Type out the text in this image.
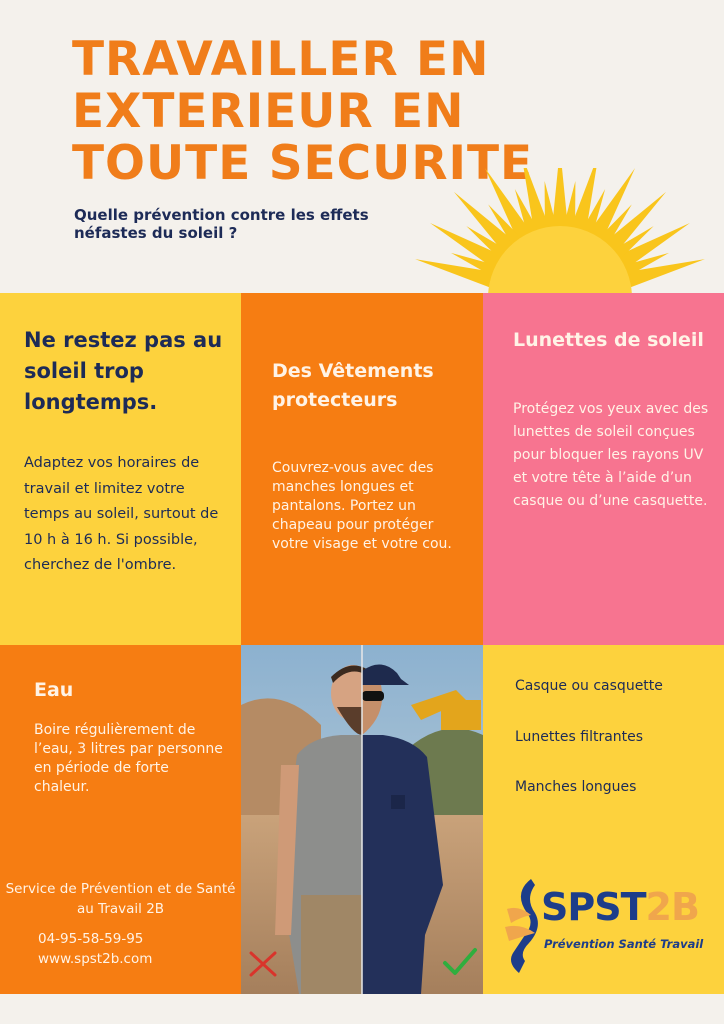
TRAVAILLER EN
EXTERIEUR EN
TOUTE SECURITE
Quelle prévention contre les effets néfastes du soleil ?
Ne restez pas au soleil trop longtemps.
Adaptez vos horaires de travail et limitez votre temps au soleil, surtout de 10 h à 16 h. Si possible, cherchez de l'ombre.
Des Vêtements protecteurs
Couvrez-vous avec des manches longues et pantalons. Portez un chapeau pour protéger votre visage et votre cou.
Lunettes de soleil
Protégez vos yeux avec des lunettes de soleil conçues pour bloquer les rayons UV et votre tête à l’aide d’un casque ou d’une casquette.
Eau
Boire régulièrement de l’eau, 3 litres par personne en période de forte chaleur.
Service de Prévention et de Santé au Travail 2B
04-95-58-59-95
www.spst2b.com
Casque ou casquette
Lunettes filtrantes
Manches longues
SPST2B
Prévention Santé Travail
